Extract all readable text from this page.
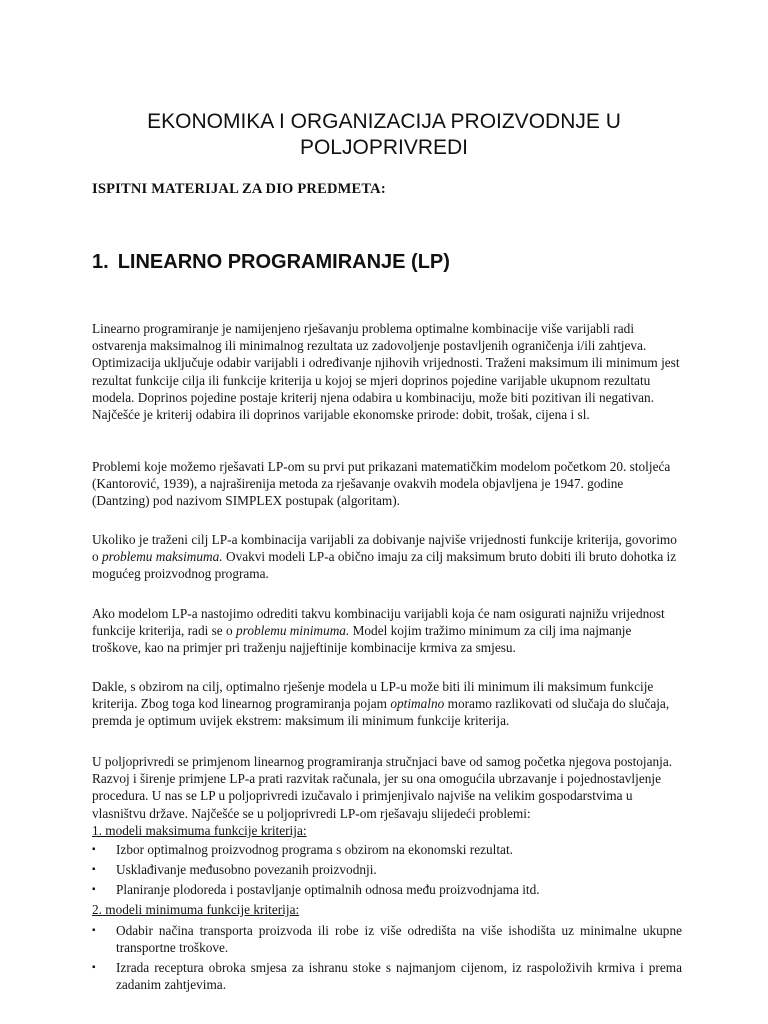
EKONOMIKA I ORGANIZACIJA PROIZVODNJE U
POLJOPRIVREDI
ISPITNI MATERIJAL ZA DIO PREDMETA:
1. LINEARNO PROGRAMIRANJE (LP)

Linearno programiranje je namijenjeno rješavanju problema optimalne kombinacije više varijabli radi ostvarenja maksimalnog ili minimalnog rezultata uz zadovoljenje postavljenih ograničenja i/ili zahtjeva. Optimizacija uključuje odabir varijabli i određivanje njihovih vrijednosti. Traženi maksimum ili minimum jest rezultat funkcije cilja ili funkcije kriterija u kojoj se mjeri doprinos pojedine varijable ukupnom rezultatu modela. Doprinos pojedine postaje kriterij njena odabira u kombinaciju, može biti pozitivan ili negativan. Najčešće je kriterij odabira ili doprinos varijable ekonomske prirode: dobit, trošak, cijena i sl.

Problemi koje možemo rješavati LP-om su prvi put prikazani matematičkim modelom početkom 20. stoljeća (Kantorović, 1939), a najraširenija metoda za rješavanje ovakvih modela objavljena je 1947. godine (Dantzing) pod nazivom SIMPLEX postupak (algoritam).

Ukoliko je traženi cilj LP-a kombinacija varijabli za dobivanje najviše vrijednosti funkcije kriterija, govorimo o problemu maksimuma. Ovakvi modeli LP-a obično imaju za cilj maksimum bruto dobiti ili bruto dohotka iz mogućeg proizvodnog programa.

Ako modelom LP-a nastojimo odrediti takvu kombinaciju varijabli koja će nam osigurati najnižu vrijednost funkcije kriterija, radi se o problemu minimuma. Model kojim tražimo minimum za cilj ima najmanje troškove, kao na primjer pri traženju najjeftinije kombinacije krmiva za smjesu.

Dakle, s obzirom na cilj, optimalno rješenje modela u LP-u može biti ili minimum ili maksimum funkcije kriterija. Zbog toga kod linearnog programiranja pojam optimalno moramo razlikovati od slučaja do slučaja, premda je optimum uvijek ekstrem: maksimum ili minimum funkcije kriterija.

U poljoprivredi se primjenom linearnog programiranja stručnjaci bave od samog početka njegova postojanja. Razvoj i širenje primjene LP-a prati razvitak računala, jer su ona omogućila ubrzavanje i pojednostavljenje procedura. U nas se LP u poljoprivredi izučavalo i primjenjivalo najviše na velikim gospodarstvima u vlasništvu države. Najčešće se u poljoprivredi LP-om rješavaju slijedeći problemi:

1. modeli maksimuma funkcije kriterija:
▪ Izbor optimalnog proizvodnog programa s obzirom na ekonomski rezultat.
▪ Usklađivanje međusobno povezanih proizvodnji.
▪ Planiranje plodoreda i postavljanje optimalnih odnosa među proizvodnjama itd.
2. modeli minimuma funkcije kriterija:
▪ Odabir načina transporta proizvoda ili robe iz više odredišta na više ishodišta uz minimalne ukupne transportne troškove.
▪ Izrada receptura obroka smjesa za ishranu stoke s najmanjom cijenom, iz raspoloživih krmiva i prema zadanim zahtjevima.
